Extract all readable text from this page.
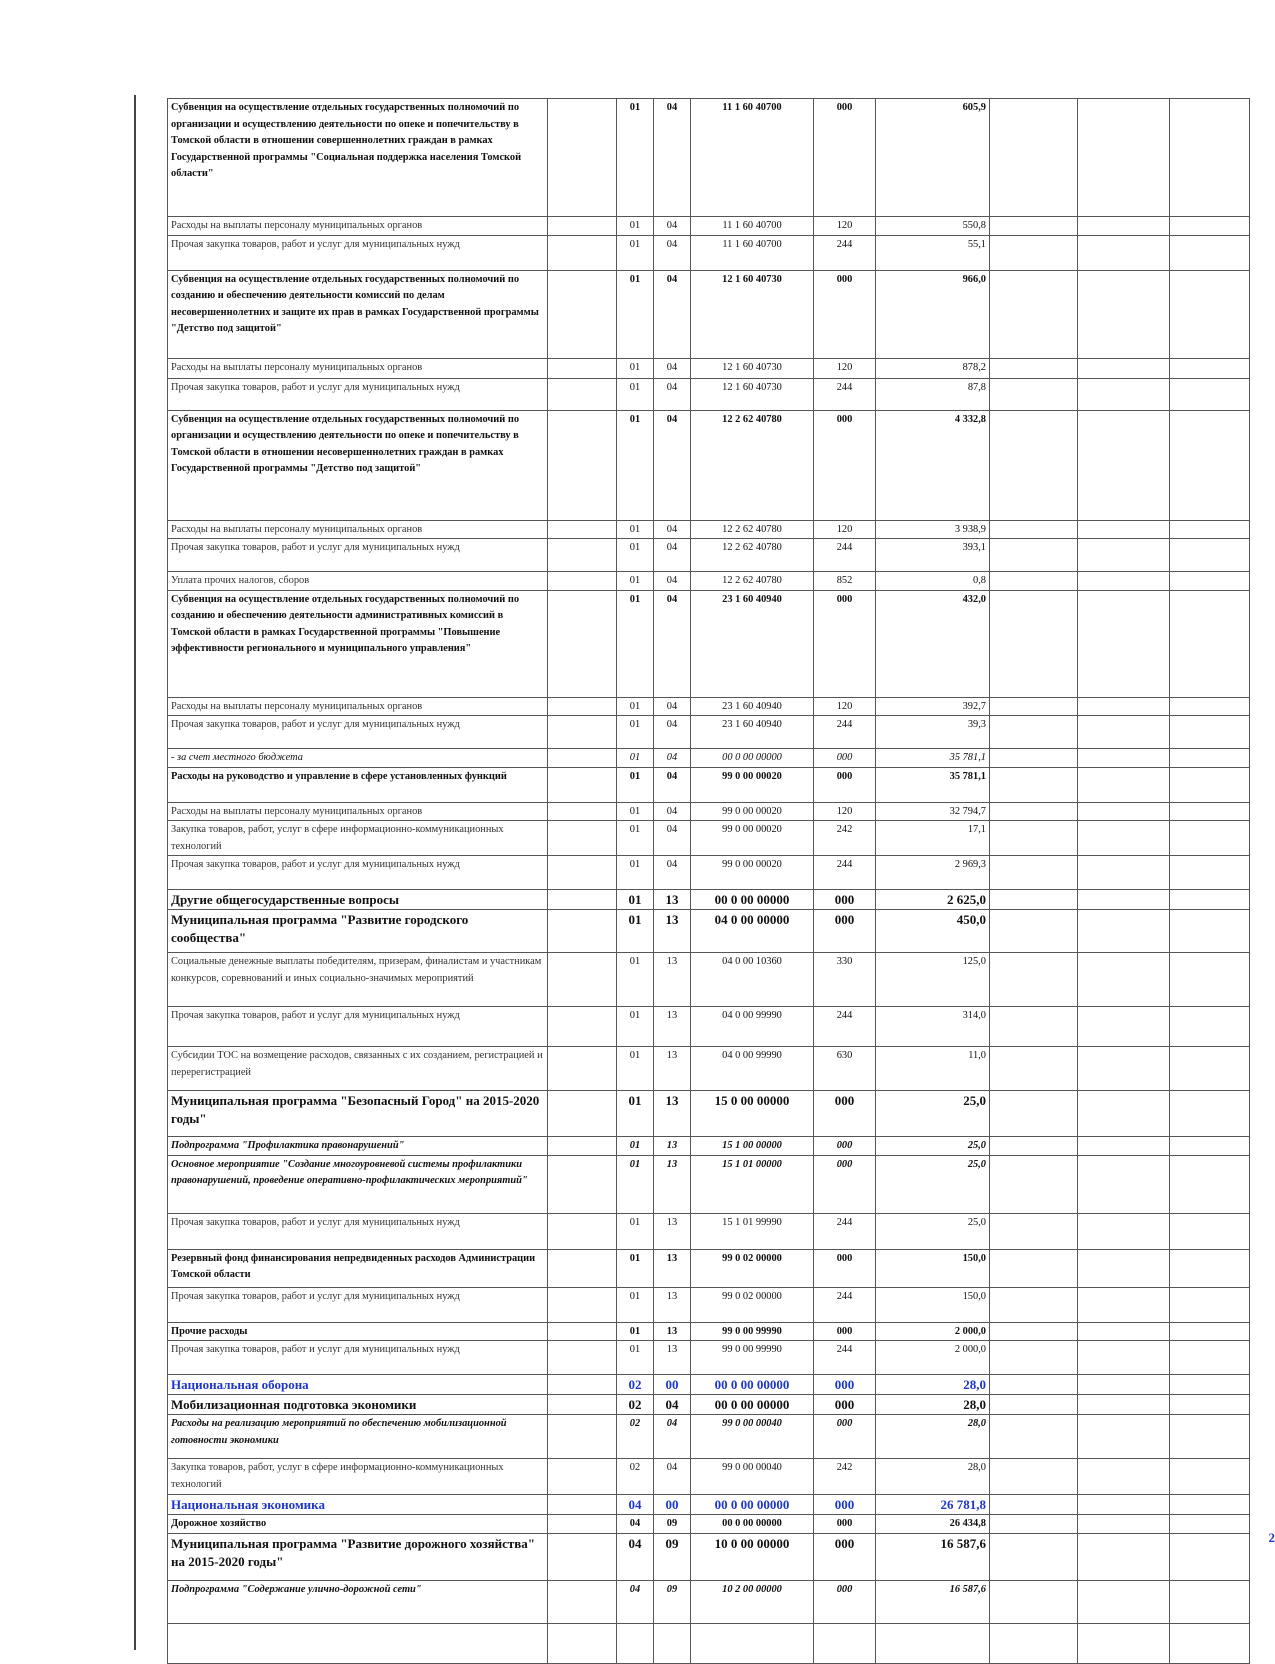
Субвенция на осуществление отдельных государственных полномочий по организации и осуществлению деятельности по опеке и попечительству в Томской области в отношении совершеннолетних граждан в рамках Государственной программы "Социальная поддержка населения Томской области"		01	04	11 1 60 40700	000	605,9			
Расходы на выплаты персоналу муниципальных органов		01	04	11 1 60 40700	120	550,8			
Прочая закупка товаров, работ и услуг для муниципальных нужд		01	04	11 1 60 40700	244	55,1			
Субвенция на осуществление отдельных государственных полномочий по созданию и обеспечению деятельности комиссий по делам несовершеннолетних и защите их прав в рамках Государственной программы "Детство под защитой"		01	04	12 1 60 40730	000	966,0			
Расходы на выплаты персоналу муниципальных органов		01	04	12 1 60 40730	120	878,2			
Прочая закупка товаров, работ и услуг для муниципальных нужд		01	04	12 1 60 40730	244	87,8			
Субвенция на осуществление отдельных государственных полномочий по организации и осуществлению деятельности по опеке и попечительству в Томской области в отношении несовершеннолетних граждан в рамках Государственной программы "Детство под защитой"		01	04	12 2 62 40780	000	4 332,8			
Расходы на выплаты персоналу муниципальных органов		01	04	12 2 62 40780	120	3 938,9			
Прочая закупка товаров, работ и услуг для муниципальных нужд		01	04	12 2 62 40780	244	393,1			
Уплата прочих налогов, сборов		01	04	12 2 62 40780	852	0,8			
Субвенция на осуществление отдельных государственных полномочий по созданию и обеспечению деятельности административных комиссий в Томской области в рамках Государственной программы "Повышение эффективности регионального и муниципального управления"		01	04	23 1 60 40940	000	432,0			
Расходы на выплаты персоналу муниципальных органов		01	04	23 1 60 40940	120	392,7			
Прочая закупка товаров, работ и услуг для муниципальных нужд		01	04	23 1 60 40940	244	39,3			
- за счет местного бюджета		01	04	00 0 00 00000	000	35 781,1			
Расходы на руководство и управление в сфере установленных функций		01	04	99 0 00 00020	000	35 781,1			
Расходы на выплаты персоналу муниципальных органов		01	04	99 0 00 00020	120	32 794,7			
Закупка товаров, работ, услуг в сфере информационно-коммуникационных технологий		01	04	99 0 00 00020	242	17,1			
Прочая закупка товаров, работ и услуг для муниципальных нужд		01	04	99 0 00 00020	244	2 969,3			
Другие общегосударственные вопросы		01	13	00 0 00 00000	000	2 625,0			
Муниципальная программа "Развитие городского сообщества"		01	13	04 0 00 00000	000	450,0			
Социальные денежные выплаты победителям, призерам, финалистам и участникам конкурсов, соревнований и иных социально-значимых мероприятий		01	13	04 0 00 10360	330	125,0			
Прочая закупка товаров, работ и услуг для муниципальных нужд		01	13	04 0 00 99990	244	314,0			
Субсидии ТОС на возмещение расходов, связанных с их созданием, регистрацией и перерегистрацией		01	13	04 0 00 99990	630	11,0			
Муниципальная программа "Безопасный Город" на 2015-2020 годы"		01	13	15 0 00 00000	000	25,0			
Подпрограмма "Профилактика правонарушений"		01	13	15 1 00 00000	000	25,0			
Основное мероприятие "Создание многоуровневой системы профилактики правонарушений, проведение оперативно-профилактических мероприятий"		01	13	15 1 01 00000	000	25,0			
Прочая закупка товаров, работ и услуг для муниципальных нужд		01	13	15 1 01 99990	244	25,0			
Резервный фонд финансирования непредвиденных расходов Администрации Томской области		01	13	99 0 02 00000	000	150,0			
Прочая закупка товаров, работ и услуг для муниципальных нужд		01	13	99 0 02 00000	244	150,0			
Прочие расходы		01	13	99 0 00 99990	000	2 000,0			
Прочая закупка товаров, работ и услуг для муниципальных нужд		01	13	99 0 00 99990	244	2 000,0			
Национальная оборона		02	00	00 0 00 00000	000	28,0			
Мобилизационная подготовка экономики		02	04	00 0 00 00000	000	28,0			
Расходы на реализацию мероприятий по обеспечению мобилизационной готовности экономики		02	04	99 0 00 00040	000	28,0			
Закупка товаров, работ, услуг в сфере информационно-коммуникационных технологий		02	04	99 0 00 00040	242	28,0			
Национальная экономика		04	00	00 0 00 00000	000	26 781,8			
Дорожное хозяйство		04	09	00 0 00 00000	000	26 434,8			
Муниципальная программа "Развитие дорожного хозяйства" на 2015-2020 годы"		04	09	10 0 00 00000	000	16 587,6			
Подпрограмма "Содержание улично-дорожной сети"		04	09	10 2 00 00000	000	16 587,6			

2
